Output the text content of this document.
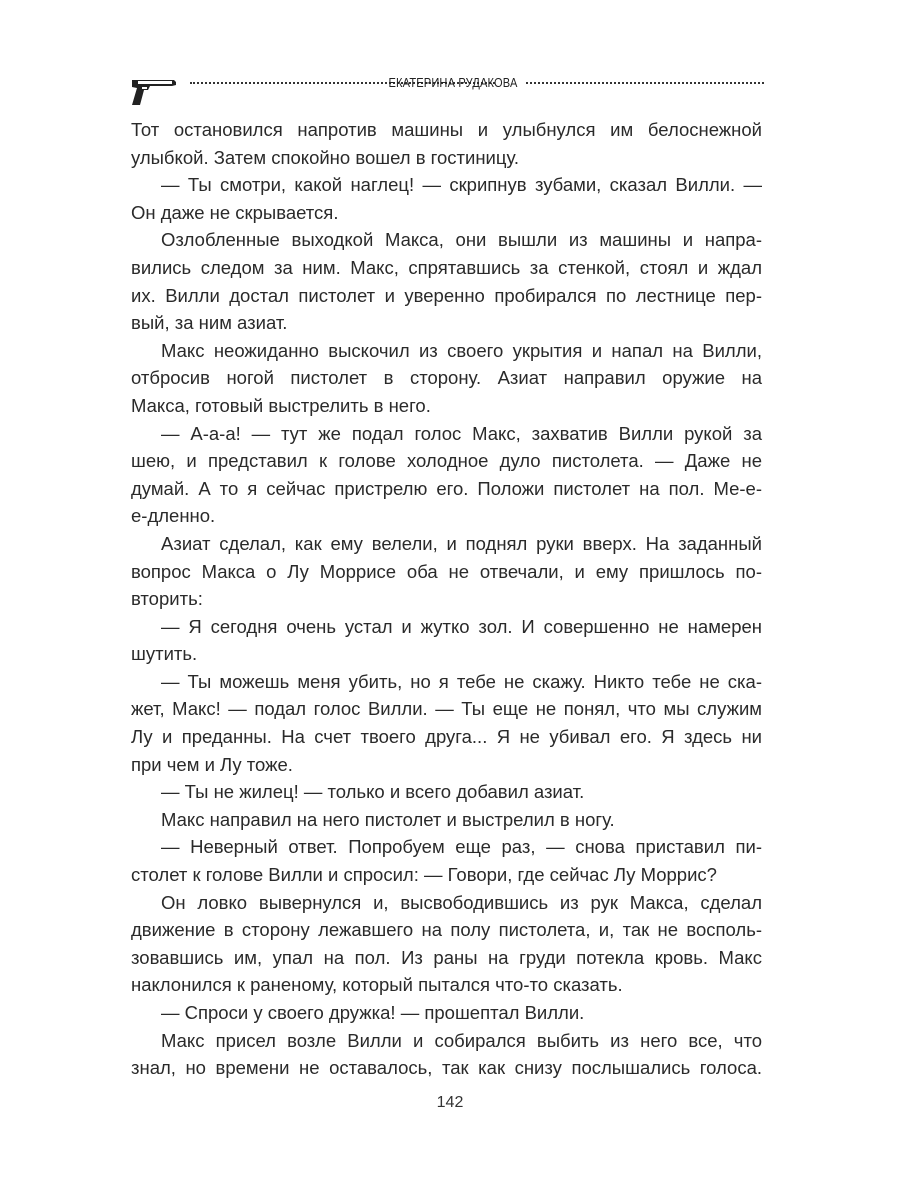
ЕКАТЕРИНА РУДАКОВА
Тот остановился напротив машины и улыбнулся им белоснежной
улыбкой. Затем спокойно вошел в гостиницу.
— Ты смотри, какой наглец! — скрипнув зубами, сказал Вилли. —
Он даже не скрывается.
Озлобленные выходкой Макса, они вышли из машины и напра-
вились следом за ним. Макс, спрятавшись за стенкой, стоял и ждал
их. Вилли достал пистолет и уверенно пробирался по лестнице пер-
вый, за ним азиат.
Макс неожиданно выскочил из своего укрытия и напал на Вилли,
отбросив ногой пистолет в сторону. Азиат направил оружие на
Макса, готовый выстрелить в него.
— А-а-а! — тут же подал голос Макс, захватив Вилли рукой за
шею, и представил к голове холодное дуло пистолета. — Даже не
думай. А то я сейчас пристрелю его. Положи пистолет на пол. Ме-е-
е-дленно.
Азиат сделал, как ему велели, и поднял руки вверх. На заданный
вопрос Макса о Лу Моррисе оба не отвечали, и ему пришлось по-
вторить:
— Я сегодня очень устал и жутко зол. И совершенно не намерен
шутить.
— Ты можешь меня убить, но я тебе не скажу. Никто тебе не ска-
жет, Макс! — подал голос Вилли. — Ты еще не понял, что мы служим
Лу и преданны. На счет твоего друга... Я не убивал его. Я здесь ни
при чем и Лу тоже.
— Ты не жилец! — только и всего добавил азиат.
Макс направил на него пистолет и выстрелил в ногу.
— Неверный ответ. Попробуем еще раз, — снова приставил пи-
столет к голове Вилли и спросил: — Говори, где сейчас Лу Моррис?
Он ловко вывернулся и, высвободившись из рук Макса, сделал
движение в сторону лежавшего на полу пистолета, и, так не восполь-
зовавшись им, упал на пол. Из раны на груди потекла кровь. Макс
наклонился к раненому, который пытался что-то сказать.
— Спроси у своего дружка! — прошептал Вилли.
Макс присел возле Вилли и собирался выбить из него все, что
знал, но времени не оставалось, так как снизу послышались голоса.
142
